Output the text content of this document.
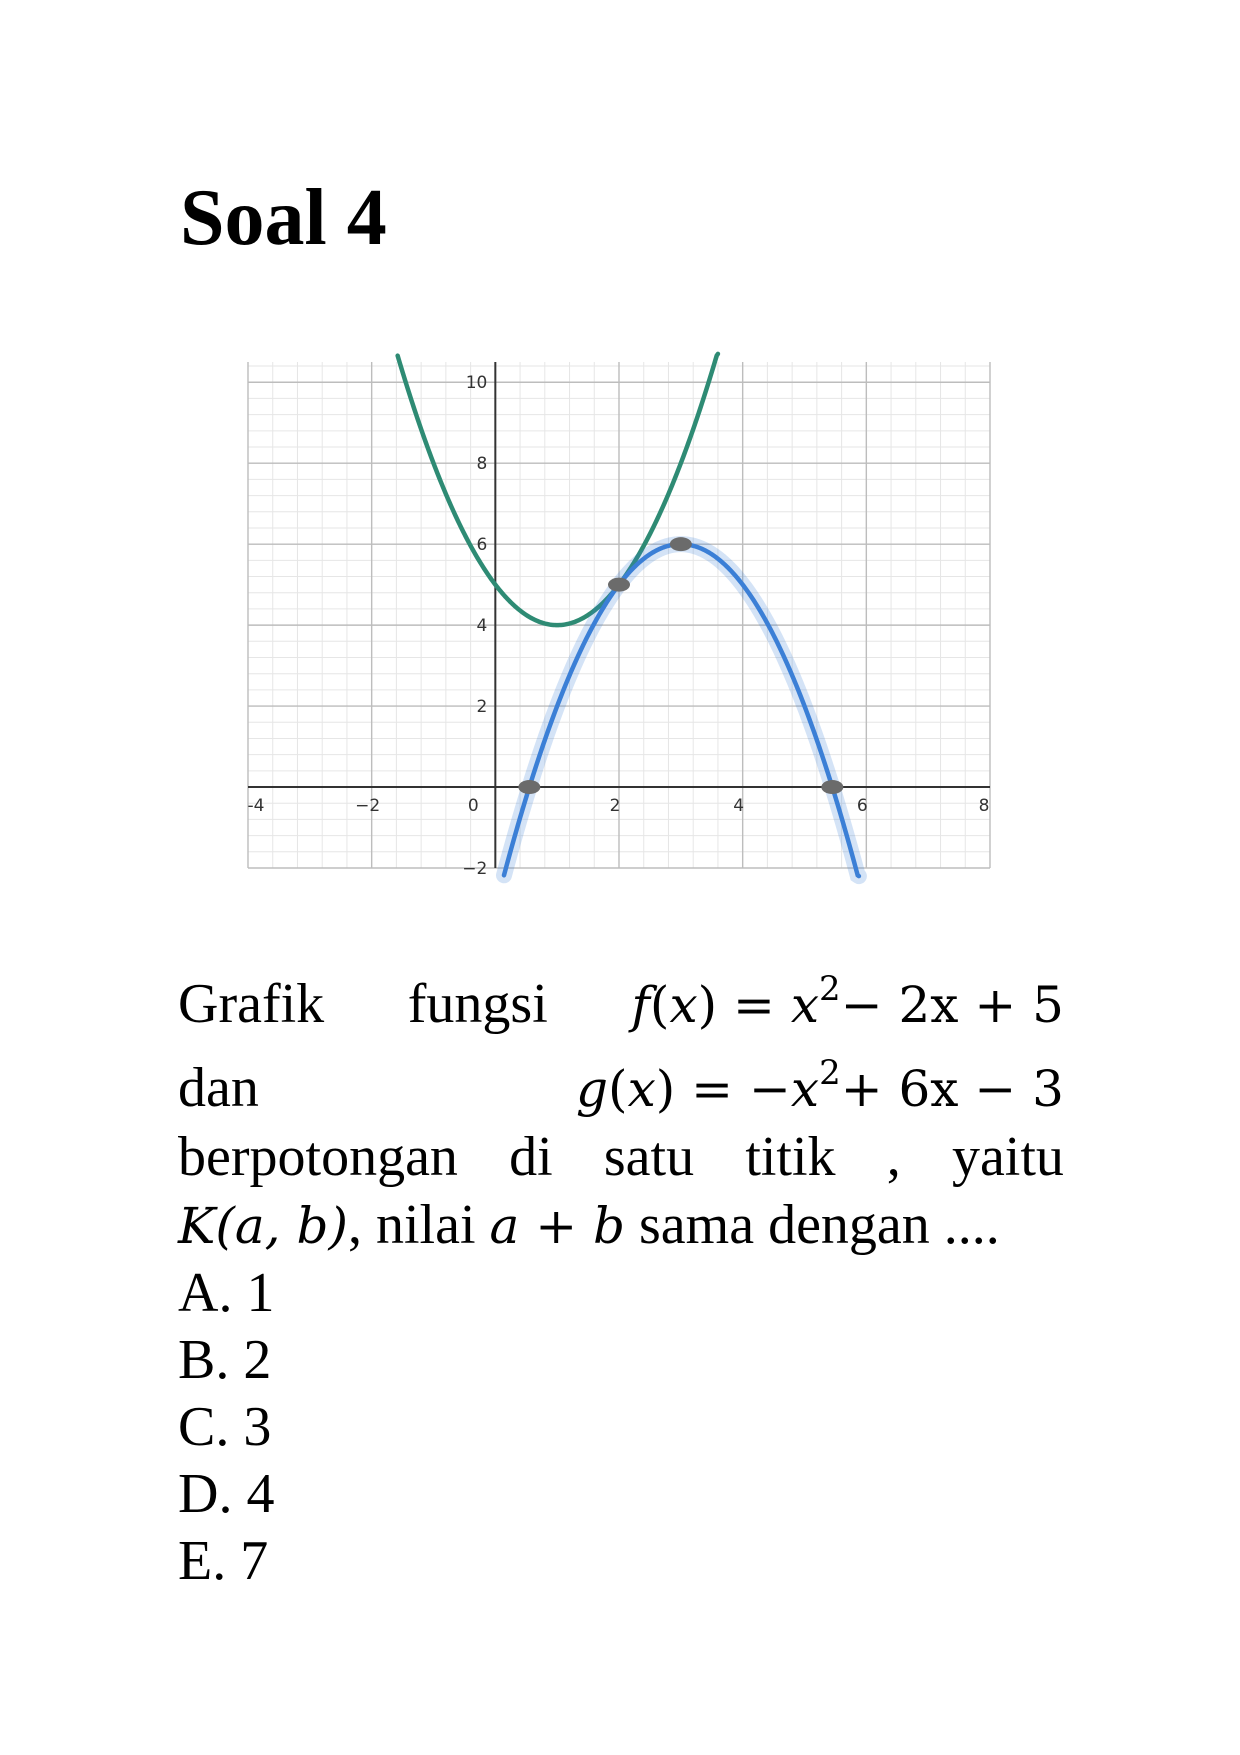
Soal 4
-4	−2	0	2	4	6	8
−2
2
4
6
8
10
Grafik fungsi $f(x) = x^2- 2x + 5$
dan	$g(x) = -x^2+ 6x - 3$
berpotongan di satu titik , yaitu
K(a, b), nilai a + b sama dengan ....
A. 1
B. 2
C. 3
D. 4
E. 7
